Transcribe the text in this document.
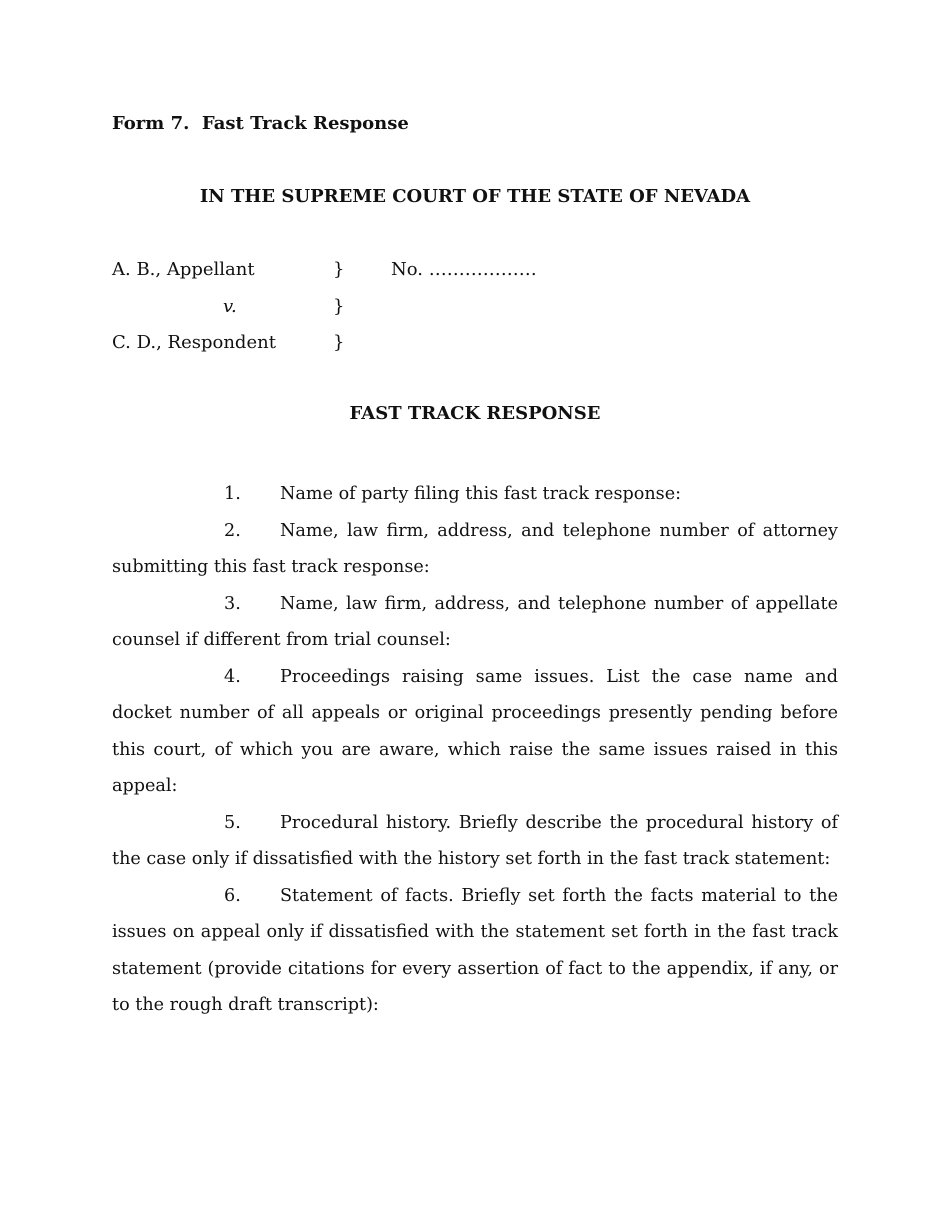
Form 7.  Fast Track Response
IN THE SUPREME COURT OF THE STATE OF NEVADA
A. B., Appellant	}	No. ………………
v.	}
C. D., Respondent	}
FAST TRACK RESPONSE

1. Name of party filing this fast track response:

2. Name, law firm, address, and telephone number of attorney submitting this fast track response:

3. Name, law firm, address, and telephone number of appellate counsel if different from trial counsel:

4. Proceedings raising same issues. List the case name and docket number of all appeals or original proceedings presently pending before this court, of which you are aware, which raise the same issues raised in this appeal:

5. Procedural history. Briefly describe the procedural history of the case only if dissatisfied with the history set forth in the fast track statement:

6. Statement of facts. Briefly set forth the facts material to the issues on appeal only if dissatisfied with the statement set forth in the fast track statement (provide citations for every assertion of fact to the appendix, if any, or to the rough draft transcript):
